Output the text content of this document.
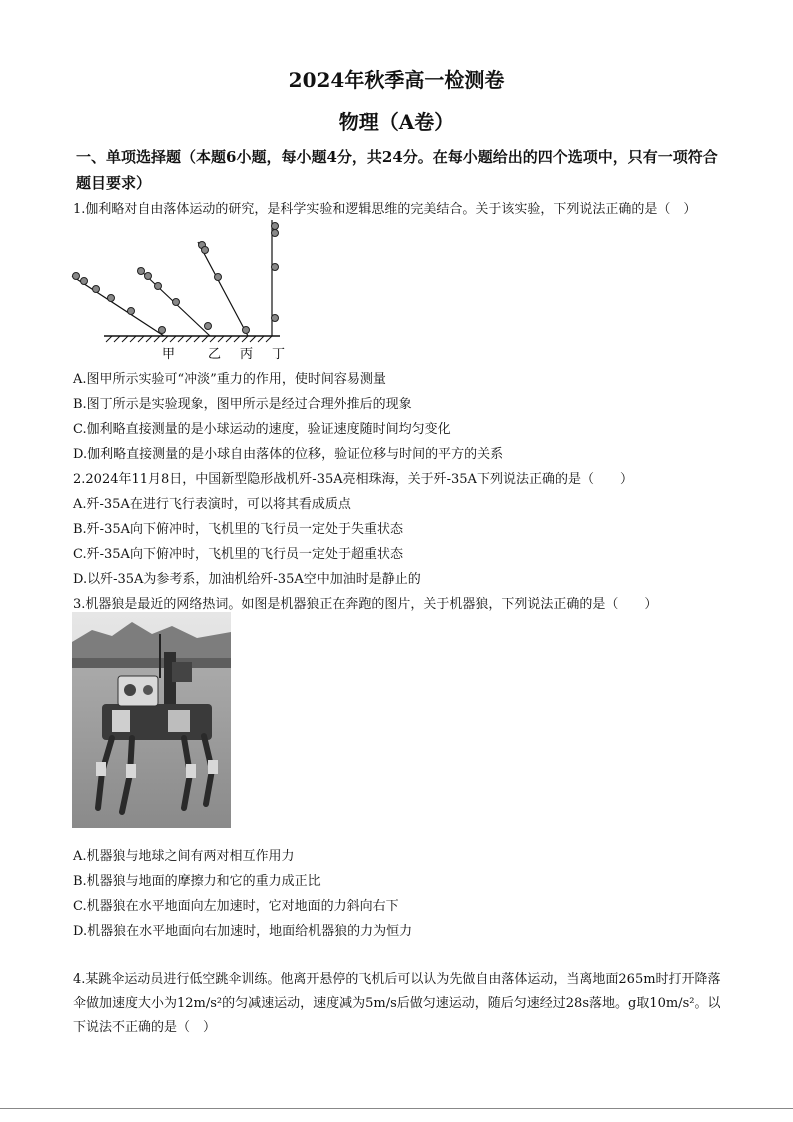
2024年秋季高一检测卷
物理（A卷）
一、单项选择题（本题6小题，每小题4分，共24分。在每小题给出的四个选项中，只有一项符合题目要求）
1.伽利略对自由落体运动的研究，是科学实验和逻辑思维的完美结合。关于该实验，下列说法正确的是（　）
甲	乙 丙 丁
A.图甲所示实验可“冲淡”重力的作用，使时间容易测量
B.图丁所示是实验现象，图甲所示是经过合理外推后的现象
C.伽利略直接测量的是小球运动的速度，验证速度随时间均匀变化
D.伽利略直接测量的是小球自由落体的位移，验证位移与时间的平方的关系
2.2024年11月8日，中国新型隐形战机歼-35A亮相珠海，关于歼-35A下列说法正确的是（　　）
A.歼-35A在进行飞行表演时，可以将其看成质点
B.歼-35A向下俯冲时，飞机里的飞行员一定处于失重状态
C.歼-35A向下俯冲时，飞机里的飞行员一定处于超重状态
D.以歼-35A为参考系，加油机给歼-35A空中加油时是静止的
3.机器狼是最近的网络热词。如图是机器狼正在奔跑的图片，关于机器狼，下列说法正确的是（　　）
A.机器狼与地球之间有两对相互作用力
B.机器狼与地面的摩擦力和它的重力成正比
C.机器狼在水平地面向左加速时，它对地面的力斜向右下
D.机器狼在水平地面向右加速时，地面给机器狼的力为恒力
4.某跳伞运动员进行低空跳伞训练。他离开悬停的飞机后可以认为先做自由落体运动，当离地面265m时打开降落伞做加速度大小为12m/s²的匀减速运动，速度减为5m/s后做匀速运动，随后匀速经过28s落地。g取10m/s²。以下说法不正确的是（　）
